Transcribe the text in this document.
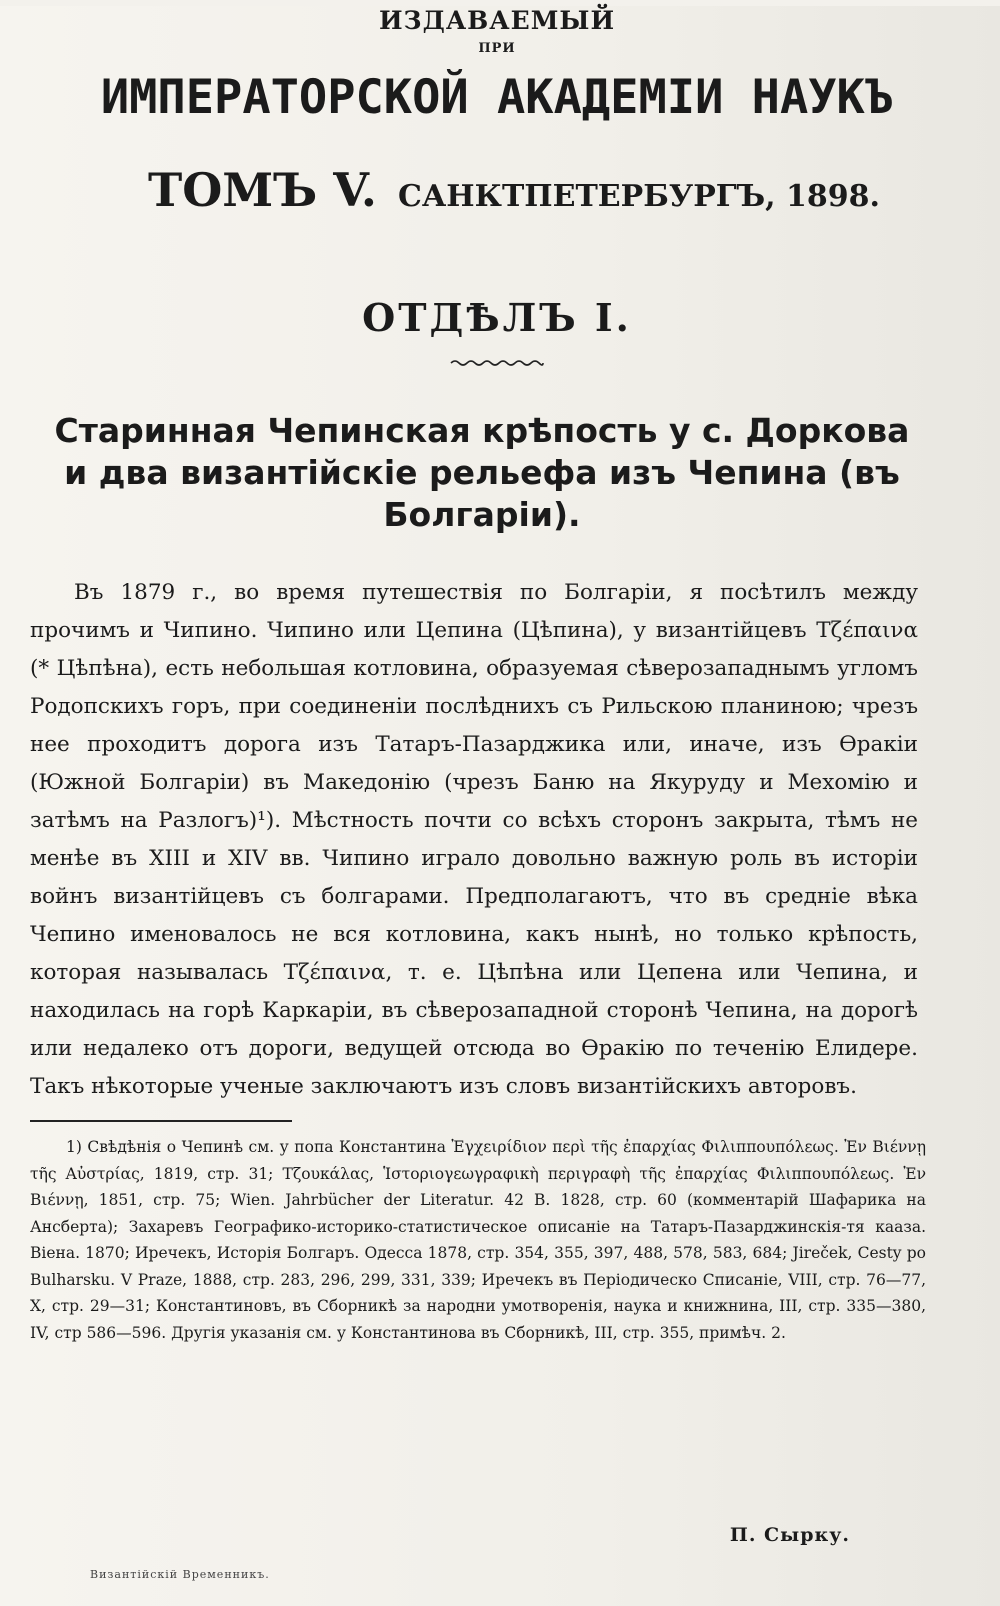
ИЗДАВАЕМЫЙ
ПРИ
ИМПЕРАТОРСКОЙ АКАДЕМІИ НАУКЪ
ТОМЪ V. САНКТПЕТЕРБУРГЪ, 1898.
ОТДѢЛЪ I.
Старинная Чепинская крѣпость у с. Доркова и два византійскіе рельефа изъ Чепина (въ Болгаріи).

Въ 1879 г., во время путешествія по Болгаріи, я посѣтилъ между прочимъ и Чипино. Чипино или Цепина (Цѣпина), у византійцевъ Τζέπαινα (* Цѣпѣна), есть небольшая котловина, образуемая сѣверозападнымъ угломъ Родопскихъ горъ, при соединеніи послѣднихъ съ Рильскою планиною; чрезъ нее проходитъ дорога изъ Татаръ-Пазарджика или, иначе, изъ Ѳракіи (Южной Болгаріи) въ Македонію (чрезъ Баню на Якуруду и Мехомію и затѣмъ на Разлогъ)¹). Мѣстность почти со всѣхъ сторонъ закрыта, тѣмъ не менѣе въ XIII и XIV вв. Чипино играло довольно важную роль въ исторіи войнъ византійцевъ съ болгарами. Предполагаютъ, что въ средніе вѣка Чепино именовалось не вся котловина, какъ нынѣ, но только крѣпость, которая называлась Τζέπαινα, т. е. Цѣпѣна или Цепена или Чепина, и находилась на горѣ Каркаріи, въ сѣверозападной сторонѣ Чепина, на дорогѣ или недалеко отъ дороги, ведущей отсюда во Ѳракію по теченію Елидере. Такъ нѣкоторые ученые заключаютъ изъ словъ византійскихъ авторовъ.

1) Свѣдѣнія о Чепинѣ см. у попа Константина Ἐγχειρίδιον περὶ τῆς ἐπαρχίας Φιλιππουπόλεως. Ἐν Βιέννῃ τῆς Αὐστρίας, 1819, стр. 31; Τζουκάλας, Ἱστοριογεωγραφικὴ περιγραφὴ τῆς ἐπαρχίας Φιλιππουπόλεως. Ἐν Βιέννῃ, 1851, стр. 75; Wien. Jahrbücher der Literatur. 42 B. 1828, стр. 60 (комментарій Шафарика на Ансберта); Захаревъ Географико-историко-статистическое описаніе на Татаръ-Пазарджинскія-тя кааза. Віена. 1870; Иречекъ, Исторія Болгаръ. Одесса 1878, стр. 354, 355, 397, 488, 578, 583, 684; Jireček, Cesty po Bulharsku. V Praze, 1888, стр. 283, 296, 299, 331, 339; Иречекъ въ Періодическо Списаніе, VIII, стр. 76—77, X, стр. 29—31; Константиновъ, въ Сборникѣ за народни умотворенія, наука и книжнина, III, стр. 335—380, IV, стр 586—596. Другія указанія см. у Константинова въ Сборникѣ, III, стр. 355, примѣч. 2.

П. Сырку.
Византійскій Временникъ.
